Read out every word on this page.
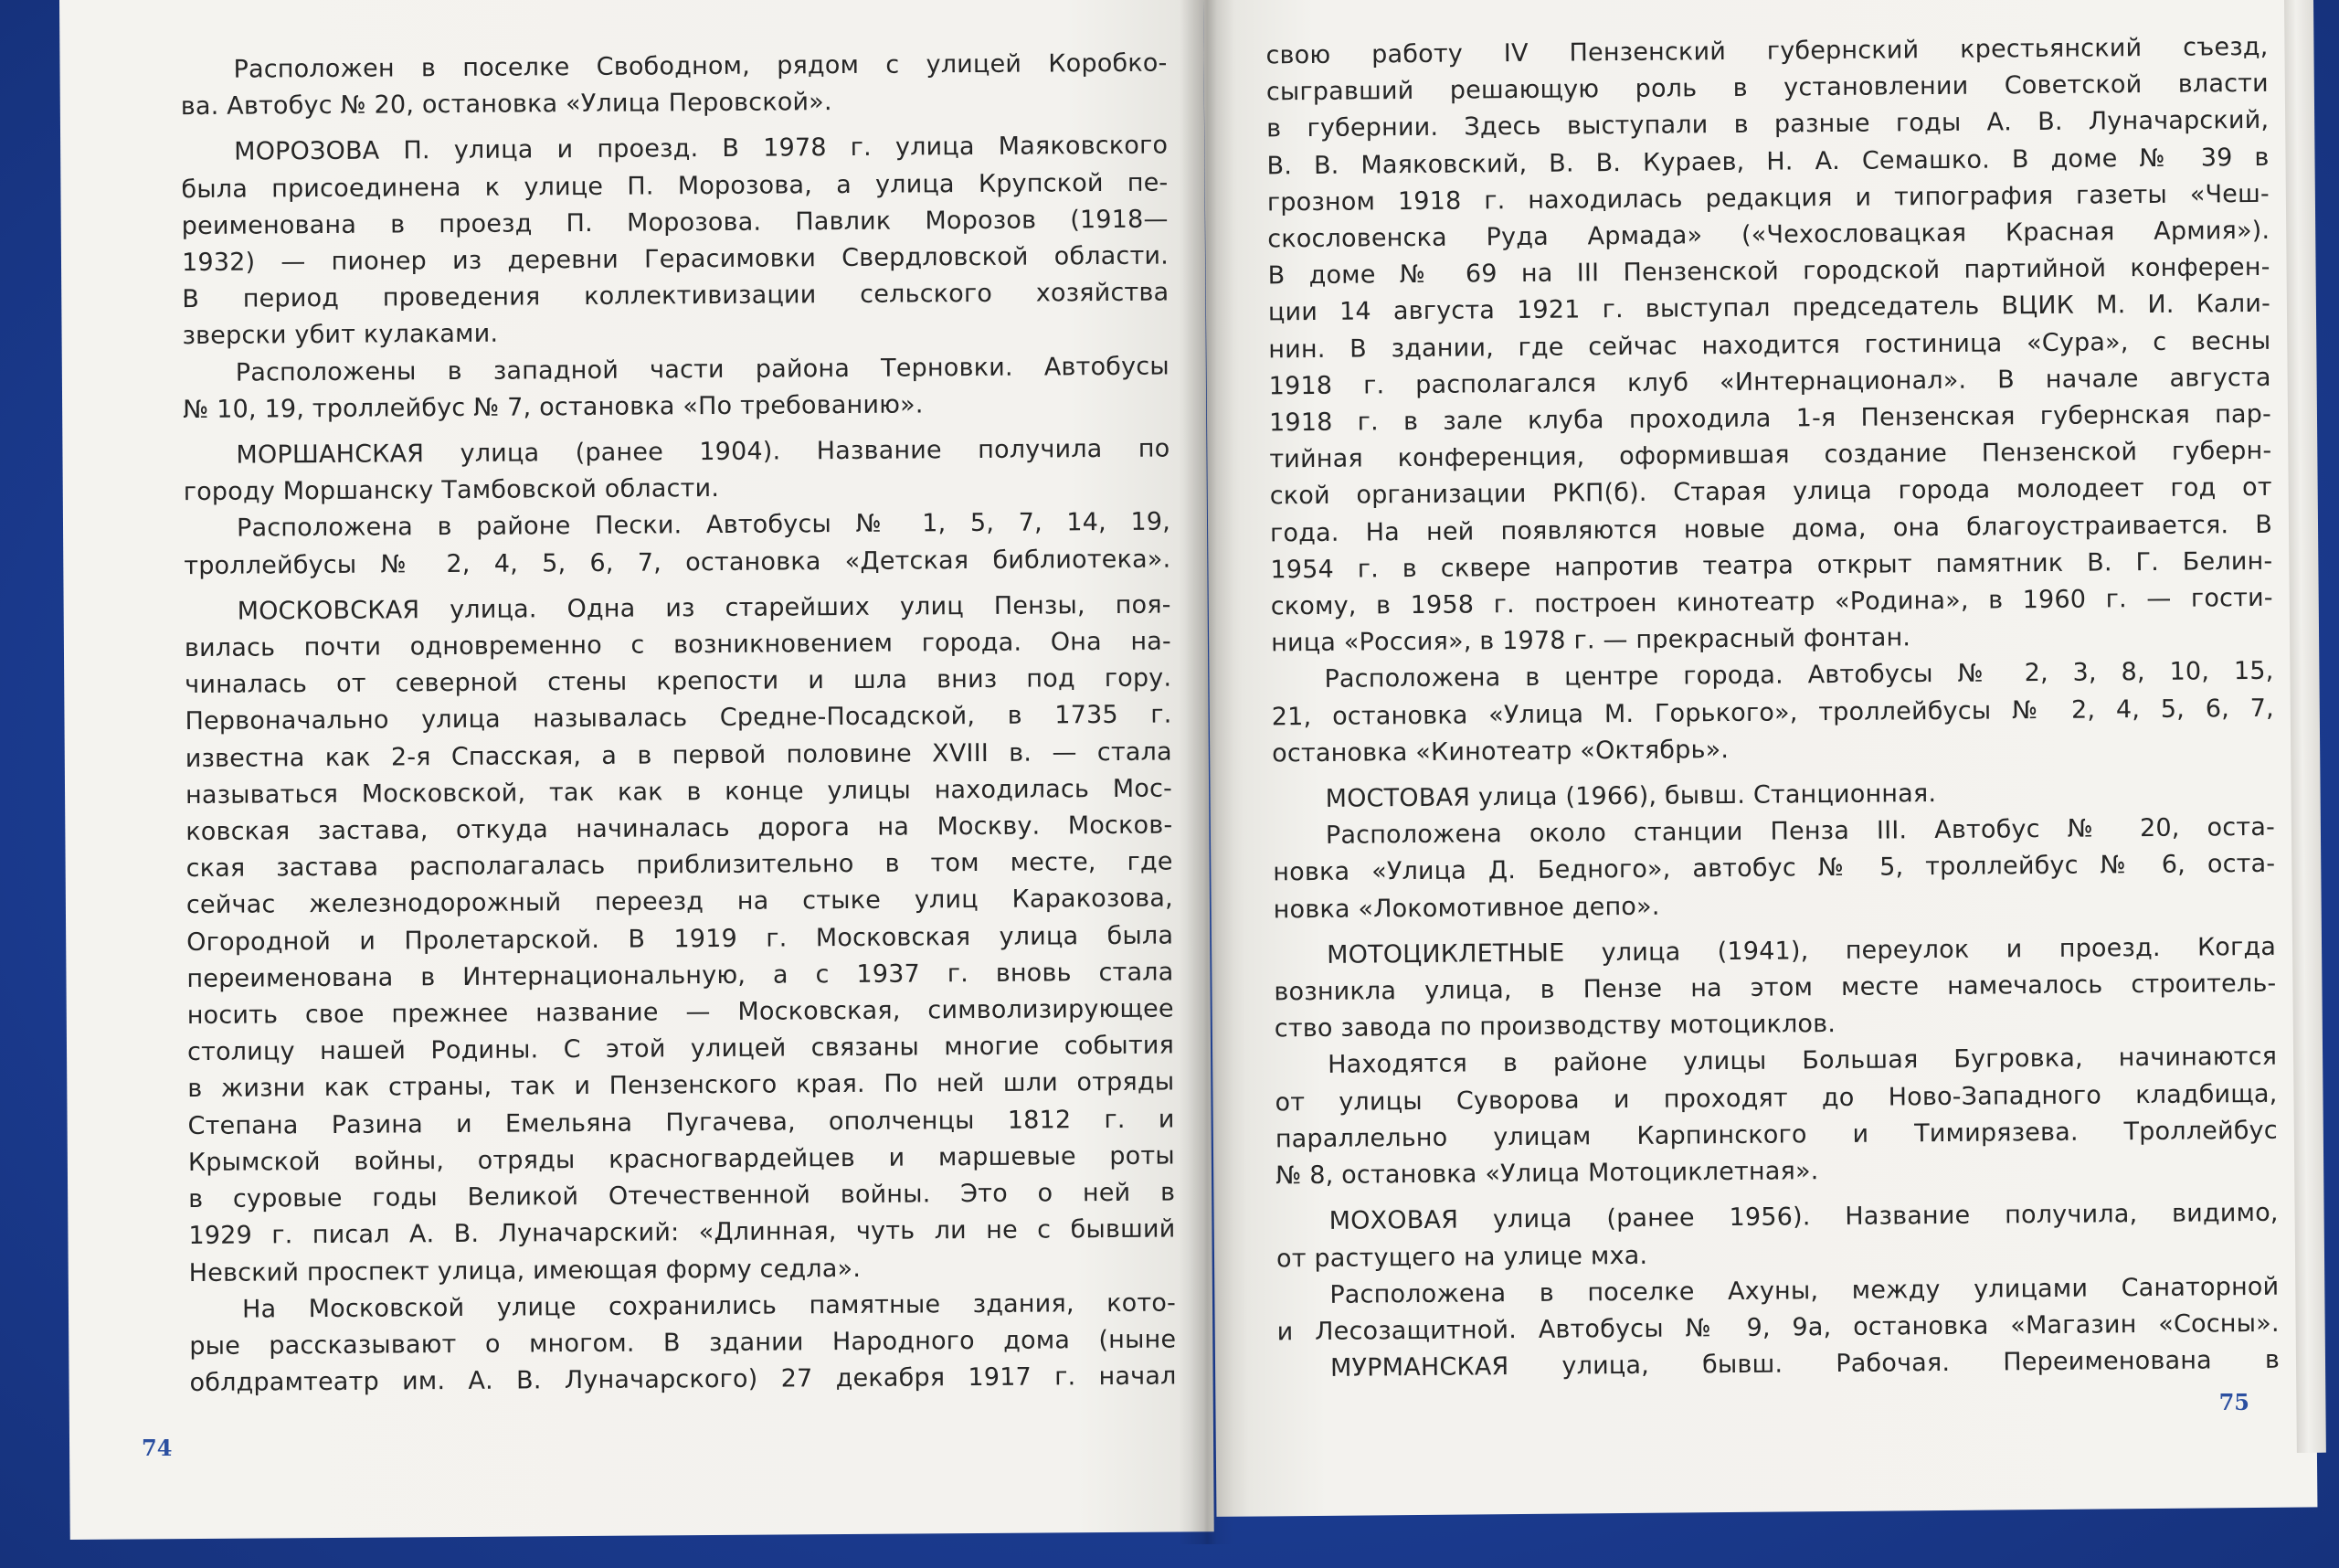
Расположен в поселке Свободном, рядом с улицей Коробко-
ва. Автобус № 20, остановка «Улица Перовской».
МОРОЗОВА П. улица и проезд. В 1978 г. улица Маяковского
была присоединена к улице П. Морозова, а улица Крупской пе-
реименована в проезд П. Морозова. Павлик Морозов (1918—
1932) — пионер из деревни Герасимовки Свердловской области.
В период проведения коллективизации сельского хозяйства
зверски убит кулаками.
Расположены в западной части района Терновки. Автобусы
№ 10, 19, троллейбус № 7, остановка «По требованию».
МОРШАНСКАЯ улица (ранее 1904). Название получила по
городу Моршанску Тамбовской области.
Расположена в районе Пески. Автобусы № 1, 5, 7, 14, 19,
троллейбусы № 2, 4, 5, 6, 7, остановка «Детская библиотека».
МОСКОВСКАЯ улица. Одна из старейших улиц Пензы, поя-
вилась почти одновременно с возникновением города. Она на-
чиналась от северной стены крепости и шла вниз под гору.
Первоначально улица называлась Средне-Посадской, в 1735 г.
известна как 2-я Спасская, а в первой половине XVIII в. — стала
называться Московской, так как в конце улицы находилась Мос-
ковская застава, откуда начиналась дорога на Москву. Москов-
ская застава располагалась приблизительно в том месте, где
сейчас железнодорожный переезд на стыке улиц Каракозова,
Огородной и Пролетарской. В 1919 г. Московская улица была
переименована в Интернациональную, а с 1937 г. вновь стала
носить свое прежнее название — Московская, символизирующее
столицу нашей Родины. С этой улицей связаны многие события
в жизни как страны, так и Пензенского края. По ней шли отряды
Степана Разина и Емельяна Пугачева, ополченцы 1812 г. и
Крымской войны, отряды красногвардейцев и маршевые роты
в суровые годы Великой Отечественной войны. Это о ней в
1929 г. писал А. В. Луначарский: «Длинная, чуть ли не с бывший
Невский проспект улица, имеющая форму седла».
На Московской улице сохранились памятные здания, кото-
рые рассказывают о многом. В здании Народного дома (ныне
облдрамтеатр им. А. В. Луначарского) 27 декабря 1917 г. начал
свою работу IV Пензенский губернский крестьянский съезд,
сыгравший решающую роль в установлении Советской власти
в губернии. Здесь выступали в разные годы А. В. Луначарский,
В. В. Маяковский, В. В. Кураев, Н. А. Семашко. В доме № 39 в
грозном 1918 г. находилась редакция и типография газеты «Чеш-
скословенска Руда Армада» («Чехословацкая Красная Армия»).
В доме № 69 на III Пензенской городской партийной конферен-
ции 14 августа 1921 г. выступал председатель ВЦИК М. И. Кали-
нин. В здании, где сейчас находится гостиница «Сура», с весны
1918 г. располагался клуб «Интернационал». В начале августа
1918 г. в зале клуба проходила 1-я Пензенская губернская пар-
тийная конференция, оформившая создание Пензенской губерн-
ской организации РКП(б). Старая улица города молодеет год от
года. На ней появляются новые дома, она благоустраивается. В
1954 г. в сквере напротив театра открыт памятник В. Г. Белин-
скому, в 1958 г. построен кинотеатр «Родина», в 1960 г. — гости-
ница «Россия», в 1978 г. — прекрасный фонтан.
Расположена в центре города. Автобусы № 2, 3, 8, 10, 15,
21, остановка «Улица М. Горького», троллейбусы № 2, 4, 5, 6, 7,
остановка «Кинотеатр «Октябрь».
МОСТОВАЯ улица (1966), бывш. Станционная.
Расположена около станции Пенза III. Автобус № 20, оста-
новка «Улица Д. Бедного», автобус № 5, троллейбус № 6, оста-
новка «Локомотивное депо».
МОТОЦИКЛЕТНЫЕ улица (1941), переулок и проезд. Когда
возникла улица, в Пензе на этом месте намечалось строитель-
ство завода по производству мотоциклов.
Находятся в районе улицы Большая Бугровка, начинаются
от улицы Суворова и проходят до Ново-Западного кладбища,
параллельно улицам Карпинского и Тимирязева. Троллейбус
№ 8, остановка «Улица Мотоциклетная».
МОХОВАЯ улица (ранее 1956). Название получила, видимо,
от растущего на улице мха.
Расположена в поселке Ахуны, между улицами Санаторной
и Лесозащитной. Автобусы № 9, 9а, остановка «Магазин «Сосны».
МУРМАНСКАЯ улица, бывш. Рабочая. Переименована в
74
75
